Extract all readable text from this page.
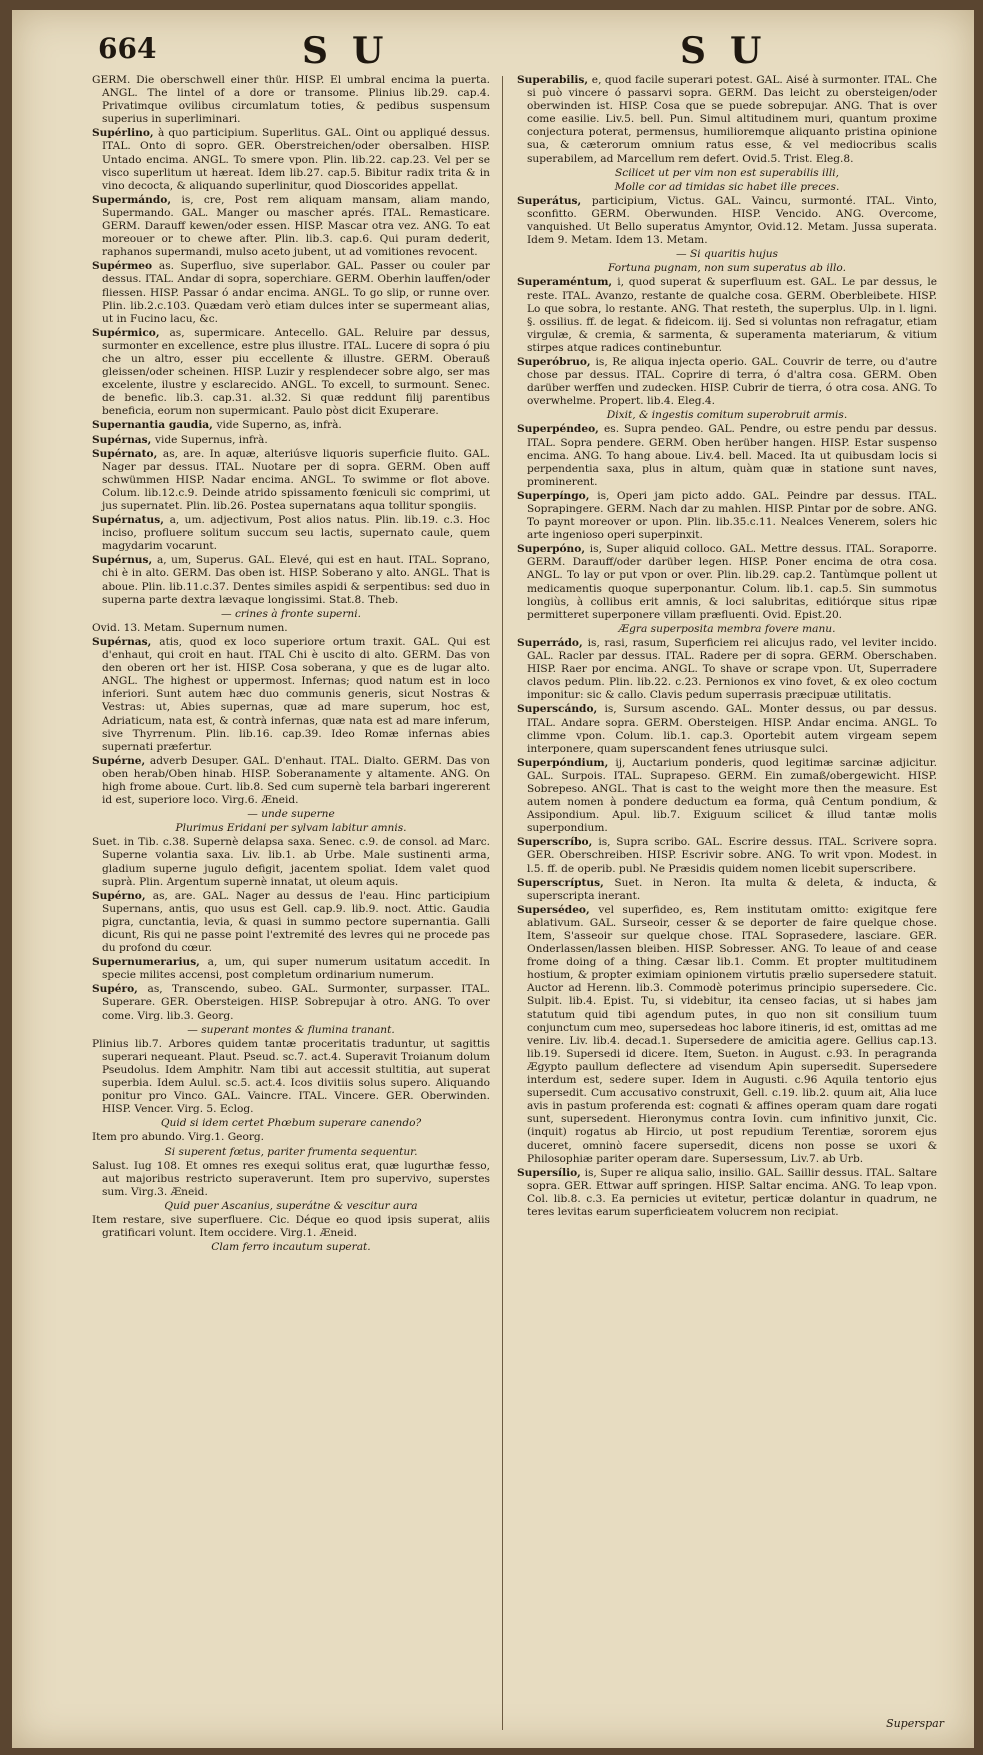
664	SU	SU
GERM. Die oberschwell einer thür. HISP. El umbral encima la puerta. ANGL. The lintel of a dore or transome. Plinius lib.29. cap.4. Privatimque ovilibus circumlatum toties, & pedibus suspensum superius in superliminari.
Supérlino, à quo participium. Superlitus. GAL. Oint ou appliqué dessus. ITAL. Onto di sopro. GER. Oberstreichen/oder obersalben. HISP. Untado encima. ANGL. To smere vpon. Plin. lib.22. cap.23. Vel per se visco superlitum ut hæreat. Idem lib.27. cap.5. Bibitur radix trita & in vino decocta, & aliquando superlinitur, quod Dioscorides appellat.
Supermándo, is, cre, Post rem aliquam mansam, aliam mando, Supermando. GAL. Manger ou mascher aprés. ITAL. Remasticare. GERM. Darauff kewen/oder essen. HISP. Mascar otra vez. ANG. To eat moreouer or to chewe after. Plin. lib.3. cap.6. Qui puram dederit, raphanos supermandi, mulso aceto jubent, ut ad vomitiones revocent.
Supérmeo as. Superfluo, sive superlabor. GAL. Passer ou couler par dessus. ITAL. Andar di sopra, soperchiare. GERM. Oberhin lauffen/oder fliessen. HISP. Passar ó andar encima. ANGL. To go slip, or runne over. Plin. lib.2.c.103. Quædam verò etiam dulces inter se supermeant alias, ut in Fucino lacu, &c.
Supérmico, as, supermicare. Antecello. GAL. Reluire par dessus, surmonter en excellence, estre plus illustre. ITAL. Lucere di sopra ó piu che un altro, esser piu eccellente & illustre. GERM. Oberauß gleissen/oder scheinen. HISP. Luzir y resplendecer sobre algo, ser mas excelente, ilustre y esclarecido. ANGL. To excell, to surmount. Senec. de benefic. lib.3. cap.31. al.32. Si quæ reddunt filij parentibus beneficia, eorum non supermicant. Paulo pòst dicit Exuperare.
Supernantia gaudia, vide Superno, as, infrà.
Supérnas, vide Supernus, infrà.
Supérnato, as, are. In aquæ, alteriúsve liquoris superficie fluito. GAL. Nager par dessus. ITAL. Nuotare per di sopra. GERM. Oben auff schwümmen HISP. Nadar encima. ANGL. To swimme or flot above. Colum. lib.12.c.9. Deinde atrido spissamento fœniculi sic comprimi, ut jus supernatet. Plin. lib.26. Postea supernatans aqua tollitur spongiis.
Supérnatus, a, um. adjectivum, Post alios natus. Plin. lib.19. c.3. Hoc inciso, profluere solitum succum seu lactis, supernato caule, quem magydarim vocarunt.
Supérnus, a, um, Superus. GAL. Elevé, qui est en haut. ITAL. Soprano, chi è in alto. GERM. Das oben ist. HISP. Soberano y alto. ANGL. That is aboue. Plin. lib.11.c.37. Dentes similes aspidi & serpentibus: sed duo in superna parte dextra lævaque longissimi. Stat.8. Theb.
— crines à fronte superni.
Ovid. 13. Metam. Supernum numen.
Supérnas, atis, quod ex loco superiore ortum traxit. GAL. Qui est d'enhaut, qui croit en haut. ITAL Chi è uscito di alto. GERM. Das von den oberen ort her ist. HISP. Cosa soberana, y que es de lugar alto. ANGL. The highest or uppermost. Infernas; quod natum est in loco inferiori. Sunt autem hæc duo communis generis, sicut Nostras & Vestras: ut, Abies supernas, quæ ad mare superum, hoc est, Adriaticum, nata est, & contrà infernas, quæ nata est ad mare inferum, sive Thyrrenum. Plin. lib.16. cap.39. Ideo Romæ infernas abies supernati præfertur.
Supérne, adverb Desuper. GAL. D'enhaut. ITAL. Dialto. GERM. Das von oben herab/Oben hinab. HISP. Soberanamente y altamente. ANG. On high frome aboue. Curt. lib.8. Sed cum supernè tela barbari ingererent id est, superiore loco. Virg.6. Æneid.
— unde superne
Plurimus Eridani per sylvam labitur amnis.
Suet. in Tib. c.38. Supernè delapsa saxa. Senec. c.9. de consol. ad Marc. Superne volantia saxa. Liv. lib.1. ab Urbe. Male sustinenti arma, gladium superne jugulo defigit, jacentem spoliat. Idem valet quod suprà. Plin. Argentum supernè innatat, ut oleum aquis.
Supérno, as, are. GAL. Nager au dessus de l'eau. Hinc participium Supernans, antis, quo usus est Gell. cap.9. lib.9. noct. Attic. Gaudia pigra, cunctantia, levia, & quasi in summo pectore supernantia. Galli dicunt, Ris qui ne passe point l'extremité des levres qui ne procede pas du profond du cœur.
Supernumerarius, a, um, qui super numerum usitatum accedit. In specie milites accensi, post completum ordinarium numerum.
Supéro, as, Transcendo, subeo. GAL. Surmonter, surpasser. ITAL. Superare. GER. Obersteigen. HISP. Sobrepujar à otro. ANG. To over come. Virg. lib.3. Georg.
— superant montes & flumina tranant.
Plinius lib.7. Arbores quidem tantæ proceritatis traduntur, ut sagittis superari nequeant. Plaut. Pseud. sc.7. act.4. Superavit Troianum dolum Pseudolus. Idem Amphitr. Nam tibi aut accessit stultitia, aut superat superbia. Idem Aulul. sc.5. act.4. Icos divitiis solus supero. Aliquando ponitur pro Vinco. GAL. Vaincre. ITAL. Vincere. GER. Oberwinden. HISP. Vencer. Virg. 5. Eclog.
Quid si idem certet Phœbum superare canendo?
Item pro abundo. Virg.1. Georg.
Si superent fœtus, pariter frumenta sequentur.
Salust. Iug 108. Et omnes res exequi solitus erat, quæ lugurthæ fesso, aut majoribus restricto superaverunt. Item pro supervivo, superstes sum. Virg.3. Æneid.
Quid puer Ascanius, superátne & vescitur aura
Item restare, sive superfluere. Cic. Déque eo quod ipsis superat, aliis gratificari volunt. Item occidere. Virg.1. Æneid.
Clam ferro incautum superat.
Superabilis, e, quod facile superari potest. GAL. Aisé à surmonter. ITAL. Che si può vincere ó passarvi sopra. GERM. Das leicht zu obersteigen/oder oberwinden ist. HISP. Cosa que se puede sobrepujar. ANG. That is over come easilie. Liv.5. bell. Pun. Simul altitudinem muri, quantum proxime conjectura poterat, permensus, humilioremque aliquanto pristina opinione sua, & cæterorum omnium ratus esse, & vel mediocribus scalis superabilem, ad Marcellum rem defert. Ovid.5. Trist. Eleg.8.
Scilicet ut per vim non est superabilis illi,
Molle cor ad timidas sic habet ille preces.
Superátus, participium, Victus. GAL. Vaincu, surmonté. ITAL. Vinto, sconfitto. GERM. Oberwunden. HISP. Vencido. ANG. Overcome, vanquished. Ut Bello superatus Amyntor, Ovid.12. Metam. Jussa superata. Idem 9. Metam. Idem 13. Metam.
— Si quaritis hujus
Fortuna pugnam, non sum superatus ab illo.
Superaméntum, i, quod superat & superfluum est. GAL. Le par dessus, le reste. ITAL. Avanzo, restante de qualche cosa. GERM. Oberbleibete. HISP. Lo que sobra, lo restante. ANG. That resteth, the superplus. Ulp. in l. ligni. §. ossilius. ff. de legat. & fideicom. iij. Sed si voluntas non refragatur, etiam virgulæ, & cremia, & sarmenta, & superamenta materiarum, & vitium stirpes atque radices continebuntur.
Superóbruo, is, Re aliqua injecta operio. GAL. Couvrir de terre, ou d'autre chose par dessus. ITAL. Coprire di terra, ó d'altra cosa. GERM. Oben darüber werffen und zudecken. HISP. Cubrir de tierra, ó otra cosa. ANG. To overwhelme. Propert. lib.4. Eleg.4.
Dixit, & ingestis comitum superobruit armis.
Superpéndeo, es. Supra pendeo. GAL. Pendre, ou estre pendu par dessus. ITAL. Sopra pendere. GERM. Oben herüber hangen. HISP. Estar suspenso encima. ANG. To hang aboue. Liv.4. bell. Maced. Ita ut quibusdam locis si perpendentia saxa, plus in altum, quàm quæ in statione sunt naves, prominerent.
Superpíngo, is, Operi jam picto addo. GAL. Peindre par dessus. ITAL. Soprapingere. GERM. Nach dar zu mahlen. HISP. Pintar por de sobre. ANG. To paynt moreover or upon. Plin. lib.35.c.11. Nealces Venerem, solers hic arte ingenioso operi superpinxit.
Superpóno, is, Super aliquid colloco. GAL. Mettre dessus. ITAL. Soraporre. GERM. Darauff/oder darüber legen. HISP. Poner encima de otra cosa. ANGL. To lay or put vpon or over. Plin. lib.29. cap.2. Tantùmque pollent ut medicamentis quoque superponantur. Colum. lib.1. cap.5. Sin summotus longiùs, à collibus erit amnis, & loci salubritas, editiórque situs ripæ permitteret superponere villam præfluenti. Ovid. Epist.20.
Ægra superposita membra fovere manu.
Superrádo, is, rasi, rasum, Superficiem rei alicujus rado, vel leviter incido. GAL. Racler par dessus. ITAL. Radere per di sopra. GERM. Oberschaben. HISP. Raer por encima. ANGL. To shave or scrape vpon. Ut, Superradere clavos pedum. Plin. lib.22. c.23. Pernionos ex vino fovet, & ex oleo coctum imponitur: sic & callo. Clavis pedum superrasis præcipuæ utilitatis.
Superscándo, is, Sursum ascendo. GAL. Monter dessus, ou par dessus. ITAL. Andare sopra. GERM. Obersteigen. HISP. Andar encima. ANGL. To climme vpon. Colum. lib.1. cap.3. Oportebit autem virgeam sepem interponere, quam superscandent fenes utriusque sulci.
Superpóndium, ij, Auctarium ponderis, quod legitimæ sarcinæ adjicitur. GAL. Surpois. ITAL. Suprapeso. GERM. Ein zumaß/obergewicht. HISP. Sobrepeso. ANGL. That is cast to the weight more then the measure. Est autem nomen à pondere deductum ea forma, quâ Centum pondium, & Assipondium. Apul. lib.7. Exiguum scilicet & illud tantæ molis superpondium.
Superscríbo, is, Supra scribo. GAL. Escrire dessus. ITAL. Scrivere sopra. GER. Oberschreiben. HISP. Escrivir sobre. ANG. To writ vpon. Modest. in l.5. ff. de operib. publ. Ne Præsidis quidem nomen licebit superscribere.
Superscríptus, Suet. in Neron. Ita multa & deleta, & inducta, & superscripta inerant.
Supersédeo, vel superfideo, es, Rem institutam omitto: exigitque fere ablativum. GAL. Surseoir, cesser & se deporter de faire quelque chose. Item, S'asseoir sur quelque chose. ITAL Soprasedere, lasciare. GER. Onderlassen/lassen bleiben. HISP. Sobresser. ANG. To leaue of and cease frome doing of a thing. Cæsar lib.1. Comm. Et propter multitudinem hostium, & propter eximiam opinionem virtutis prælio supersedere statuit. Auctor ad Herenn. lib.3. Commodè poterimus principio supersedere. Cic. Sulpit. lib.4. Epist. Tu, si videbitur, ita censeo facias, ut si habes jam statutum quid tibi agendum putes, in quo non sit consilium tuum conjunctum cum meo, supersedeas hoc labore itineris, id est, omittas ad me venire. Liv. lib.4. decad.1. Supersedere de amicitia agere. Gellius cap.13. lib.19. Supersedi id dicere. Item, Sueton. in August. c.93. In peragranda Ægypto paullum deflectere ad visendum Apin supersedit. Supersedere interdum est, sedere super. Idem in Augusti. c.96 Aquila tentorio ejus supersedit. Cum accusativo construxit, Gell. c.19. lib.2. quum ait, Alia luce avis in pastum proferenda est: cognati & affines operam quam dare rogati sunt, supersedent. Hieronymus contra Iovin. cum infinitivo junxit, Cic. (inquit) rogatus ab Hircio, ut post repudium Terentiæ, sororem ejus duceret, omninò facere supersedit, dicens non posse se uxori & Philosophiæ pariter operam dare. Supersessum, Liv.7. ab Urb.
Supersílio, is, Super re aliqua salio, insilio. GAL. Saillir dessus. ITAL. Saltare sopra. GER. Ettwar auff springen. HISP. Saltar encima. ANG. To leap vpon. Col. lib.8. c.3. Ea pernicies ut evitetur, perticæ dolantur in quadrum, ne teres levitas earum superficieatem volucrem non recipiat.
Superspar
